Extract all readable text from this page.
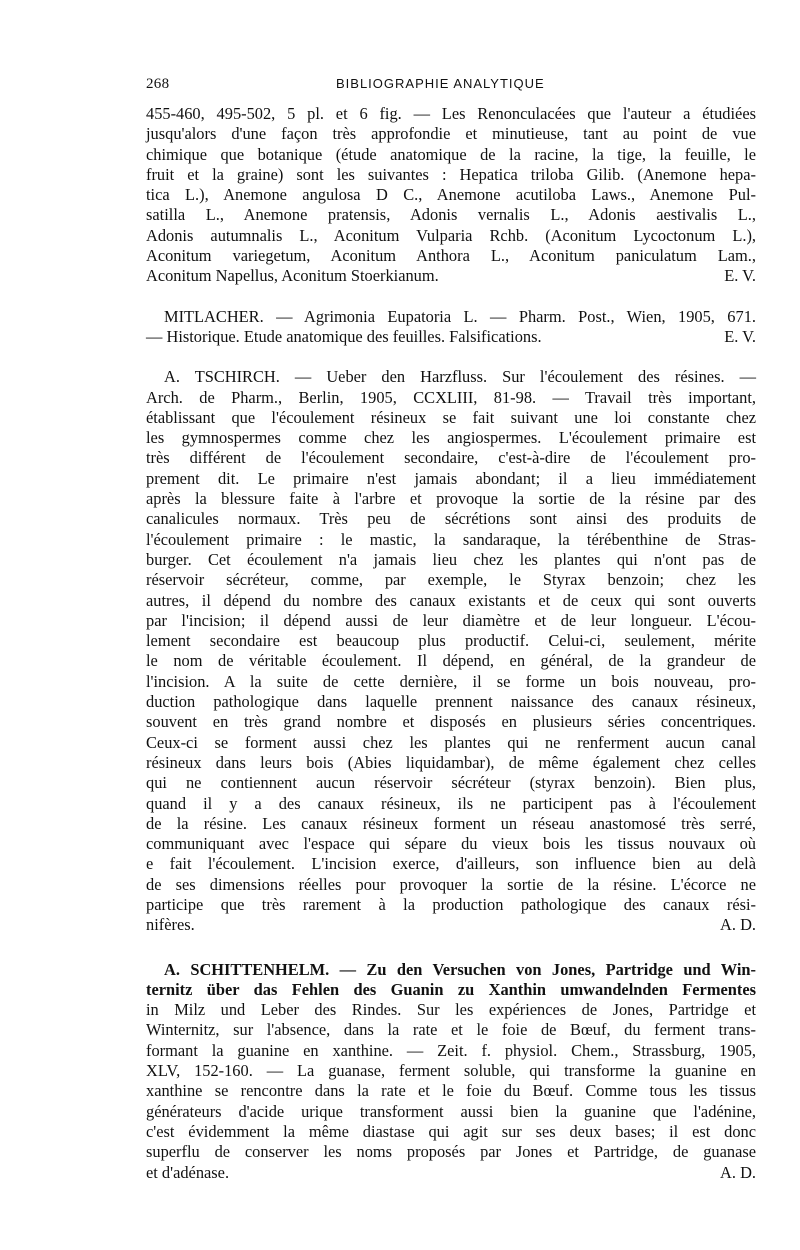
268	BIBLIOGRAPHIE ANALYTIQUE
455-460, 495-502, 5 pl. et 6 fig. — Les Renonculacées que l'auteur a étudiées
jusqu'alors d'une façon très approfondie et minutieuse, tant au point de vue
chimique que botanique (étude anatomique de la racine, la tige, la feuille, le
fruit et la graine) sont les suivantes : Hepatica triloba Gilib. (Anemone hepa-
tica L.), Anemone angulosa D C., Anemone acutiloba Laws., Anemone Pul-
satilla L., Anemone pratensis, Adonis vernalis L., Adonis aestivalis L.,
Adonis autumnalis L., Aconitum Vulparia Rchb. (Aconitum Lycoctonum L.),
Aconitum variegetum, Aconitum Anthora L., Aconitum paniculatum Lam.,
Aconitum Napellus, Aconitum Stoerkianum.	E. V.
MITLACHER. — Agrimonia Eupatoria L. — Pharm. Post., Wien, 1905, 671.
— Historique. Etude anatomique des feuilles. Falsifications.	E. V.
A. TSCHIRCH. — Ueber den Harzfluss. Sur l'écoulement des résines. —
Arch. de Pharm., Berlin, 1905, CCXLIII, 81-98. — Travail très important,
établissant que l'écoulement résineux se fait suivant une loi constante chez
les gymnospermes comme chez les angiospermes. L'écoulement primaire est
très différent de l'écoulement secondaire, c'est-à-dire de l'écoulement pro-
prement dit. Le primaire n'est jamais abondant; il a lieu immédiatement
après la blessure faite à l'arbre et provoque la sortie de la résine par des
canalicules normaux. Très peu de sécrétions sont ainsi des produits de
l'écoulement primaire : le mastic, la sandaraque, la térébenthine de Stras-
burger. Cet écoulement n'a jamais lieu chez les plantes qui n'ont pas de
réservoir sécréteur, comme, par exemple, le Styrax benzoin; chez les
autres, il dépend du nombre des canaux existants et de ceux qui sont ouverts
par l'incision; il dépend aussi de leur diamètre et de leur longueur. L'écou-
lement secondaire est beaucoup plus productif. Celui-ci, seulement, mérite
le nom de véritable écoulement. Il dépend, en général, de la grandeur de
l'incision. A la suite de cette dernière, il se forme un bois nouveau, pro-
duction pathologique dans laquelle prennent naissance des canaux résineux,
souvent en très grand nombre et disposés en plusieurs séries concentriques.
Ceux-ci se forment aussi chez les plantes qui ne renferment aucun canal
résineux dans leurs bois (Abies liquidambar), de même également chez celles
qui ne contiennent aucun réservoir sécréteur (styrax benzoin). Bien plus,
quand il y a des canaux résineux, ils ne participent pas à l'écoulement
de la résine. Les canaux résineux forment un réseau anastomosé très serré,
communiquant avec l'espace qui sépare du vieux bois les tissus nouvaux où
e fait l'écoulement. L'incision exerce, d'ailleurs, son influence bien au delà
de ses dimensions réelles pour provoquer la sortie de la résine. L'écorce ne
participe que très rarement à la production pathologique des canaux rési-
nifères.	A. D.
A. SCHITTENHELM. — Zu den Versuchen von Jones, Partridge und Win-
ternitz über das Fehlen des Guanin zu Xanthin umwandelnden Fermentes
in Milz und Leber des Rindes. Sur les expériences de Jones, Partridge et
Winternitz, sur l'absence, dans la rate et le foie de Bœuf, du ferment trans-
formant la guanine en xanthine. — Zeit. f. physiol. Chem., Strassburg, 1905,
XLV, 152-160. — La guanase, ferment soluble, qui transforme la guanine en
xanthine se rencontre dans la rate et le foie du Bœuf. Comme tous les tissus
générateurs d'acide urique transforment aussi bien la guanine que l'adénine,
c'est évidemment la même diastase qui agit sur ses deux bases; il est donc
superflu de conserver les noms proposés par Jones et Partridge, de guanase
et d'adénase.	A. D.
